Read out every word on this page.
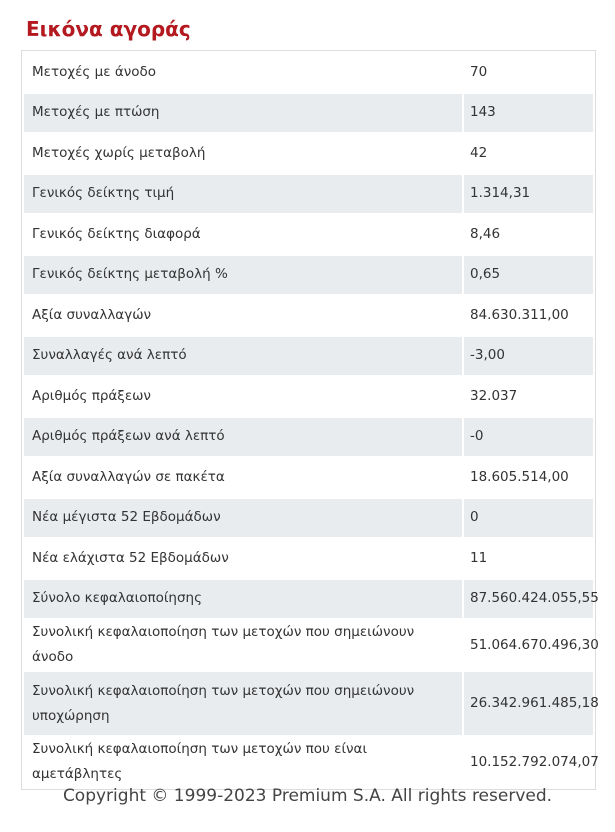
Εικόνα αγοράς
Μετοχές με άνοδο	70
Μετοχές με πτώση	143
Μετοχές χωρίς μεταβολή	42
Γενικός δείκτης τιμή	1.314,31
Γενικός δείκτης διαφορά	8,46
Γενικός δείκτης μεταβολή %	0,65
Αξία συναλλαγών	84.630.311,00
Συναλλαγές ανά λεπτό	-3,00
Αριθμός πράξεων	32.037
Αριθμός πράξεων ανά λεπτό	-0
Αξία συναλλαγών σε πακέτα	18.605.514,00
Νέα μέγιστα 52 Εβδομάδων	0
Νέα ελάχιστα 52 Εβδομάδων	11
Σύνολο κεφαλαιοποίησης	87.560.424.055,55
Συνολική κεφαλαιοποίηση των μετοχών που σημειώνουν άνοδο	51.064.670.496,30
Συνολική κεφαλαιοποίηση των μετοχών που σημειώνουν υποχώρηση	26.342.961.485,18
Συνολική κεφαλαιοποίηση των μετοχών που είναι αμετάβλητες	10.152.792.074,07
Copyright © 1999-2023 Premium S.A. All rights reserved.
